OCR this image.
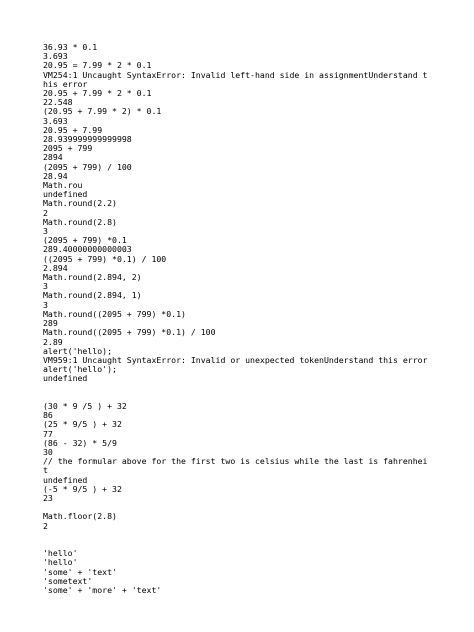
36.93 * 0.1
3.693
20.95 = 7.99 * 2 * 0.1
VM254:1 Uncaught SyntaxError: Invalid left-hand side in assignmentUnderstand this error
20.95 + 7.99 * 2 * 0.1
22.548
(20.95 + 7.99 * 2) * 0.1
3.693
20.95 + 7.99
28.939999999999998
2095 + 799
2894
(2095 + 799) / 100
28.94
Math.rou
undefined
Math.round(2.2)
2
Math.round(2.8)
3
(2095 + 799) *0.1
289.40000000000003
((2095 + 799) *0.1) / 100
2.894
Math.round(2.894, 2)
3
Math.round(2.894, 1)
3
Math.round((2095 + 799) *0.1)
289
Math.round((2095 + 799) *0.1) / 100
2.89
alert('hello);
VM959:1 Uncaught SyntaxError: Invalid or unexpected tokenUnderstand this error
alert('hello');
undefined
(30 * 9 /5 ) + 32
86
(25 * 9/5 ) + 32
77
(86 - 32) * 5/9
30
// the formular above for the first two is celsius while the last is fahrenheit
undefined
(-5 * 9/5 ) + 32
23
Math.floor(2.8)
2
'hello'
'hello'
'some' + 'text'
'sometext'
'some' + 'more' + 'text'
